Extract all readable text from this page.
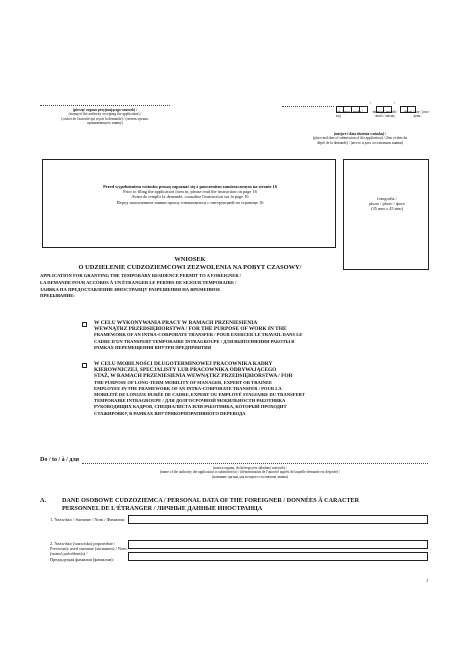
(pieczęć organu przyjmującego wniosek) /
(stamp of the authority accepting the application) /
(cachet de l'autorité qui reçoit la demande) / (печать органа,
принимающего заявку)
/	/
rok / year / année / год
miesiąc / month / mois / месяц
dzień / day / jour / день
(miejsce i data złożenia wniosku) /
(place and date of submission of the application) / (lieu et date du
dépôt de la demande) / (место и дата составления заявки)
Przed wypełnieniem wniosku proszę zapoznać się z pouczeniem zamieszczonym na stronie 16
Prior to filing the application form in, please read the instruction on page 16
Avant de remplir la demande, consultez l'instruction sur la page 16
Перед заполнением заявки прошу ознакомиться с инструкцией на странице 16
fotografia /
photo / photo / фото
(35 mm x 45 mm)
WNIOSEK
O UDZIELENIE CUDZOZIEMCOWI ZEZWOLENIA NA POBYT CZASOWY/
APPLICATION FOR GRANTING THE TEMPORARY RESIDENCE PERMIT TO A FOREIGNER /
LA DEMANDE POUR ACCORDS À UN ÉTRANGER LE PERMIS DE SEJOUR TEMPORAIRE /
ЗАЯВКА НА ПРЕДОСТАВЛЕНИЕ ИНОСТРАНЦУ РАЗРЕШЕНИЯ НА ВРЕМЕННОЕ
ПРЕБЫВАНИЕ:
W CELU WYKONYWANIA PRACY W RAMACH PRZENIESIENIA
WEWNĄTRZ PRZEDSIĘBIORSTWA / FOR THE PURPOSE OF WORK IN THE
FRAMEWORK OF AN INTRA-CORPORATE TRANSFER / POUR EXERCER LE TRAVAIL DANS LE
CADRE D'UN TRANSFERT TEMPORAIRE INTRAGROUPE / ДЛЯ ВЫПОЛНЕНИЯ РАБОТЫ В
РАМКАХ ПЕРЕМЕЩЕНИЯ ВНУТРИ ПРЕДПРИЯТИЯ
W CELU MOBILNOŚCI DŁUGOTERMINOWEJ PRACOWNIKA KADRY
KIEROWNICZEJ, SPECJALISTY LUB PRACOWNIKA ODBYWAJĄCEGO
STAŻ, W RAMACH PRZENIESIENIA WEWNĄTRZ PRZEDSIĘBIORSTWA / FOR
THE PURPOSE OF LONG-TERM MOBILITY OF MANAGER, EXPERT OR TRAINEE
EMPLOYEE IN THE FRAMEWORK OF AN INTRA-CORPORATE TRANSFER / POUR LA
MOBILITÉ DE LONGUE DURÉE DE CADRE, EXPERT OU EMPLOYÉ STAGIAIRE DU TRANSFERT
TEMPORAIRE INTRAGROUPE / ДЛЯ ДОЛГОСРОЧНОЙ МОБИЛЬНОСТИ РАБОТНИКА
РУКОВОДЯЩИХ КАДРОВ, СПЕЦИАЛИСТА ИЛИ РАБОТНИКА, КОТОРЫЙ ПРОХОДИТ
СТАЖИРОВКУ, В РАМКАХ ВНУТРИКОРПОРАТИВНОГО ПЕРЕВОДА
Do / to / à / для
(nazwa organu, do którego jest składany wniosek) /
(name of the authority the application is submitted to) / (dénomination de l'autorité auprès de laquelle demande est déposée) /
(название органа для которого составлена заявка)
A.	DANE OSOBOWE CUDZOZIEMCA / PERSONAL DATA OF THE FOREIGNER / DONNÉES À CARACTER
PERSONNEL DE L'ÉTRANGER / ЛИЧНЫЕ ДАННЫЕ ИНОСТРАНЦА
1. Nazwisko / Surname / Nom / Фамилия:
2. Nazwisko (nazwiska) poprzednie /
Previously used surname (surnames) / Nom
(noms) précédent(s) /
Предыдущая фамилия (фамилии):
1
